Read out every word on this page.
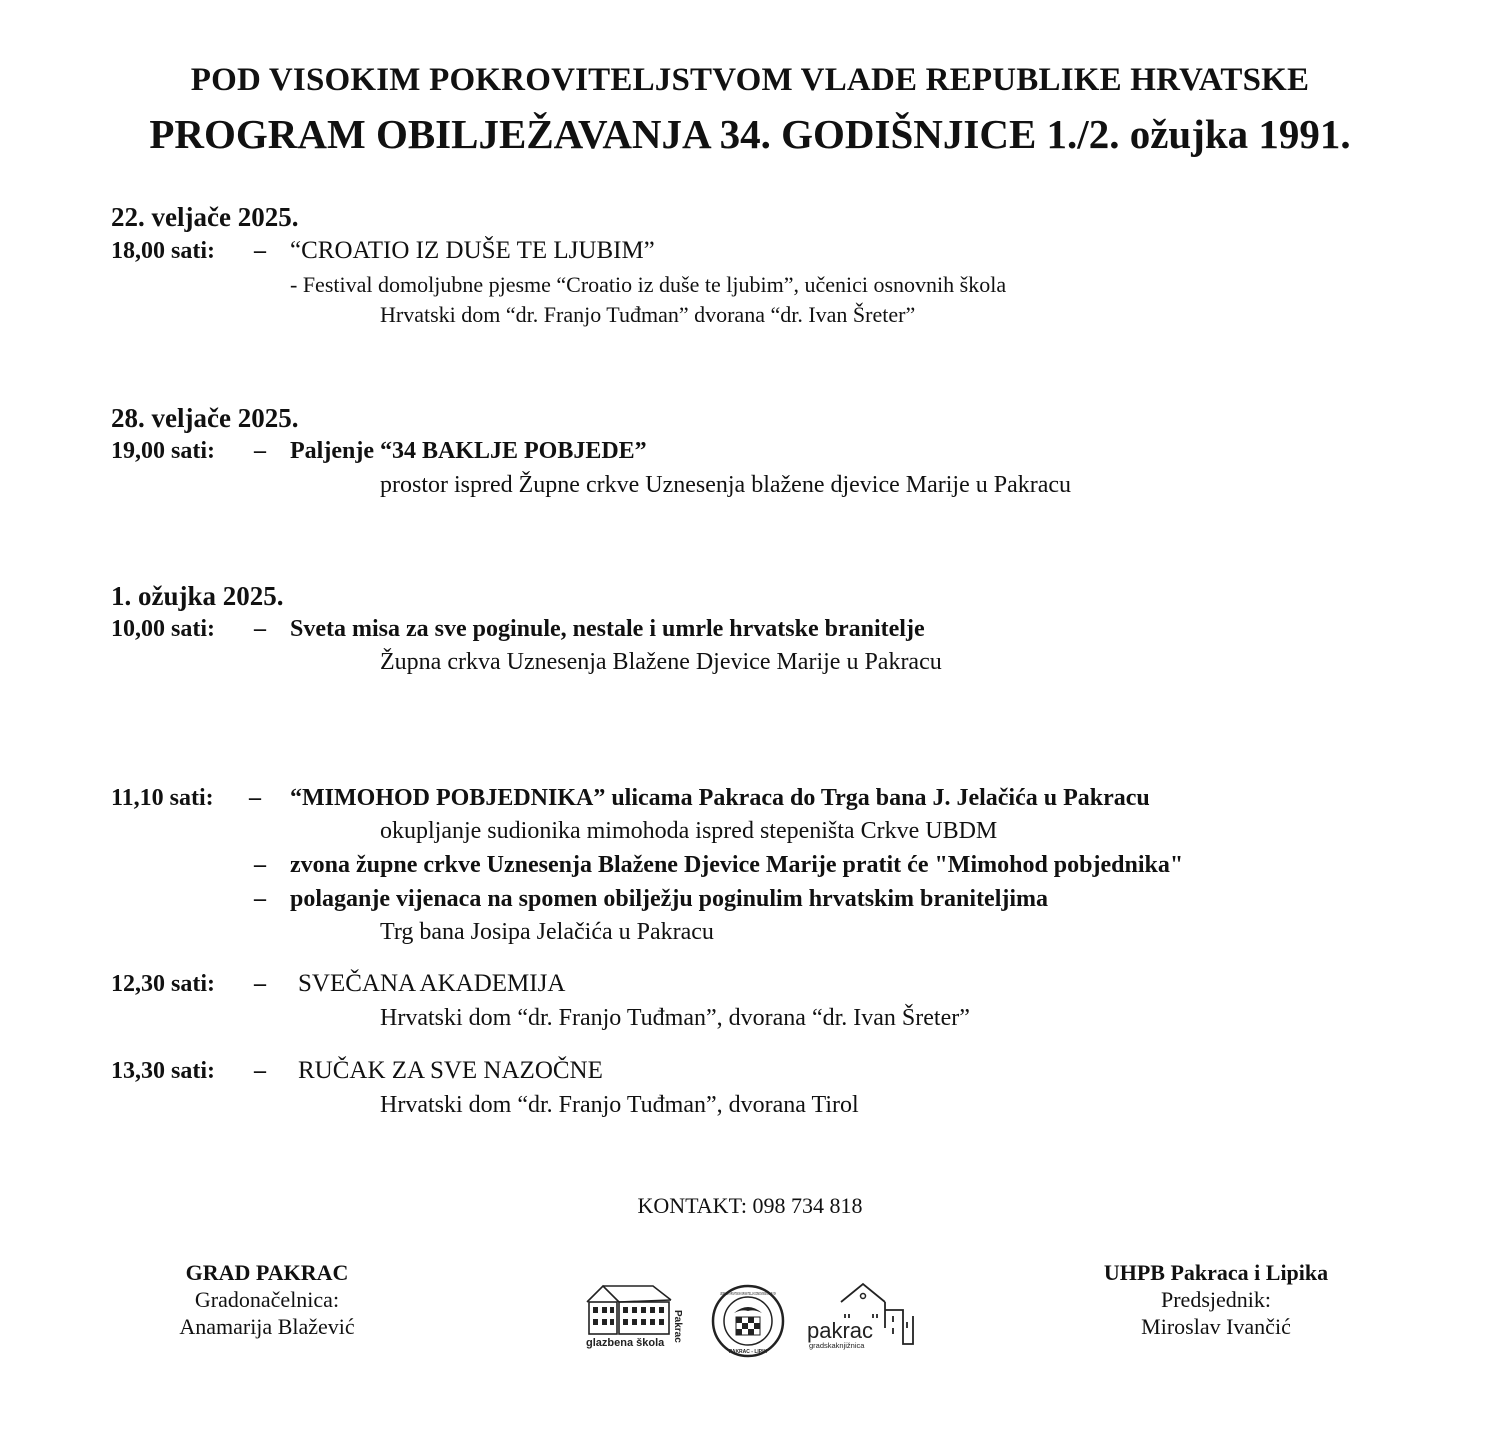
POD VISOKIM POKROVITELJSTVOM VLADE REPUBLIKE HRVATSKE
PROGRAM OBILJEŽAVANJA 34. GODIŠNJICE 1./2. ožujka 1991.
22. veljače 2025.
18,00 sati: – “CROATIO IZ DUŠE TE LJUBIM”
- Festival domoljubne pjesme “Croatio iz duše te ljubim”, učenici osnovnih škola
Hrvatski dom “dr. Franjo Tuđman” dvorana “dr. Ivan Šreter”
28. veljače 2025.
19,00 sati: – Paljenje “34 BAKLJE POBJEDE”
prostor ispred Župne crkve Uznesenja blažene djevice Marije u Pakracu
1. ožujka 2025.
10,00 sati: – Sveta misa za sve poginule, nestale i umrle hrvatske branitelje
Župna crkva Uznesenja Blažene Djevice Marije u Pakracu
11,10 sati: – “MIMOHOD POBJEDNIKA” ulicama Pakraca do Trga bana J. Jelačića u Pakracu
okupljanje sudionika mimohoda ispred stepeništa Crkve UBDM
– zvona župne crkve Uznesenja Blažene Djevice Marije pratit će "Mimohod pobjednika"
– polaganje vijenaca na spomen obilježju poginulim hrvatskim braniteljima
Trg bana Josipa Jelačića u Pakracu
12,30 sati: – SVEČANA AKADEMIJA
Hrvatski dom “dr. Franjo Tuđman”, dvorana “dr. Ivan Šreter”
13,30 sati: – RUČAK ZA SVE NAZOČNE
Hrvatski dom “dr. Franjo Tuđman”, dvorana Tirol
KONTAKT: 098 734 818
GRAD PAKRAC
Gradonačelnica:
Anamarija Blažević
UHPB Pakraca i Lipika
Predsjednik:
Miroslav Ivančić
glazbena škola
Pakrac
UDRUGA HRVATSKIH BRANITELJA DOMOVINSKOG RATA
PAKRAC - LIPIK
pakrac
gradskaknjižnica
